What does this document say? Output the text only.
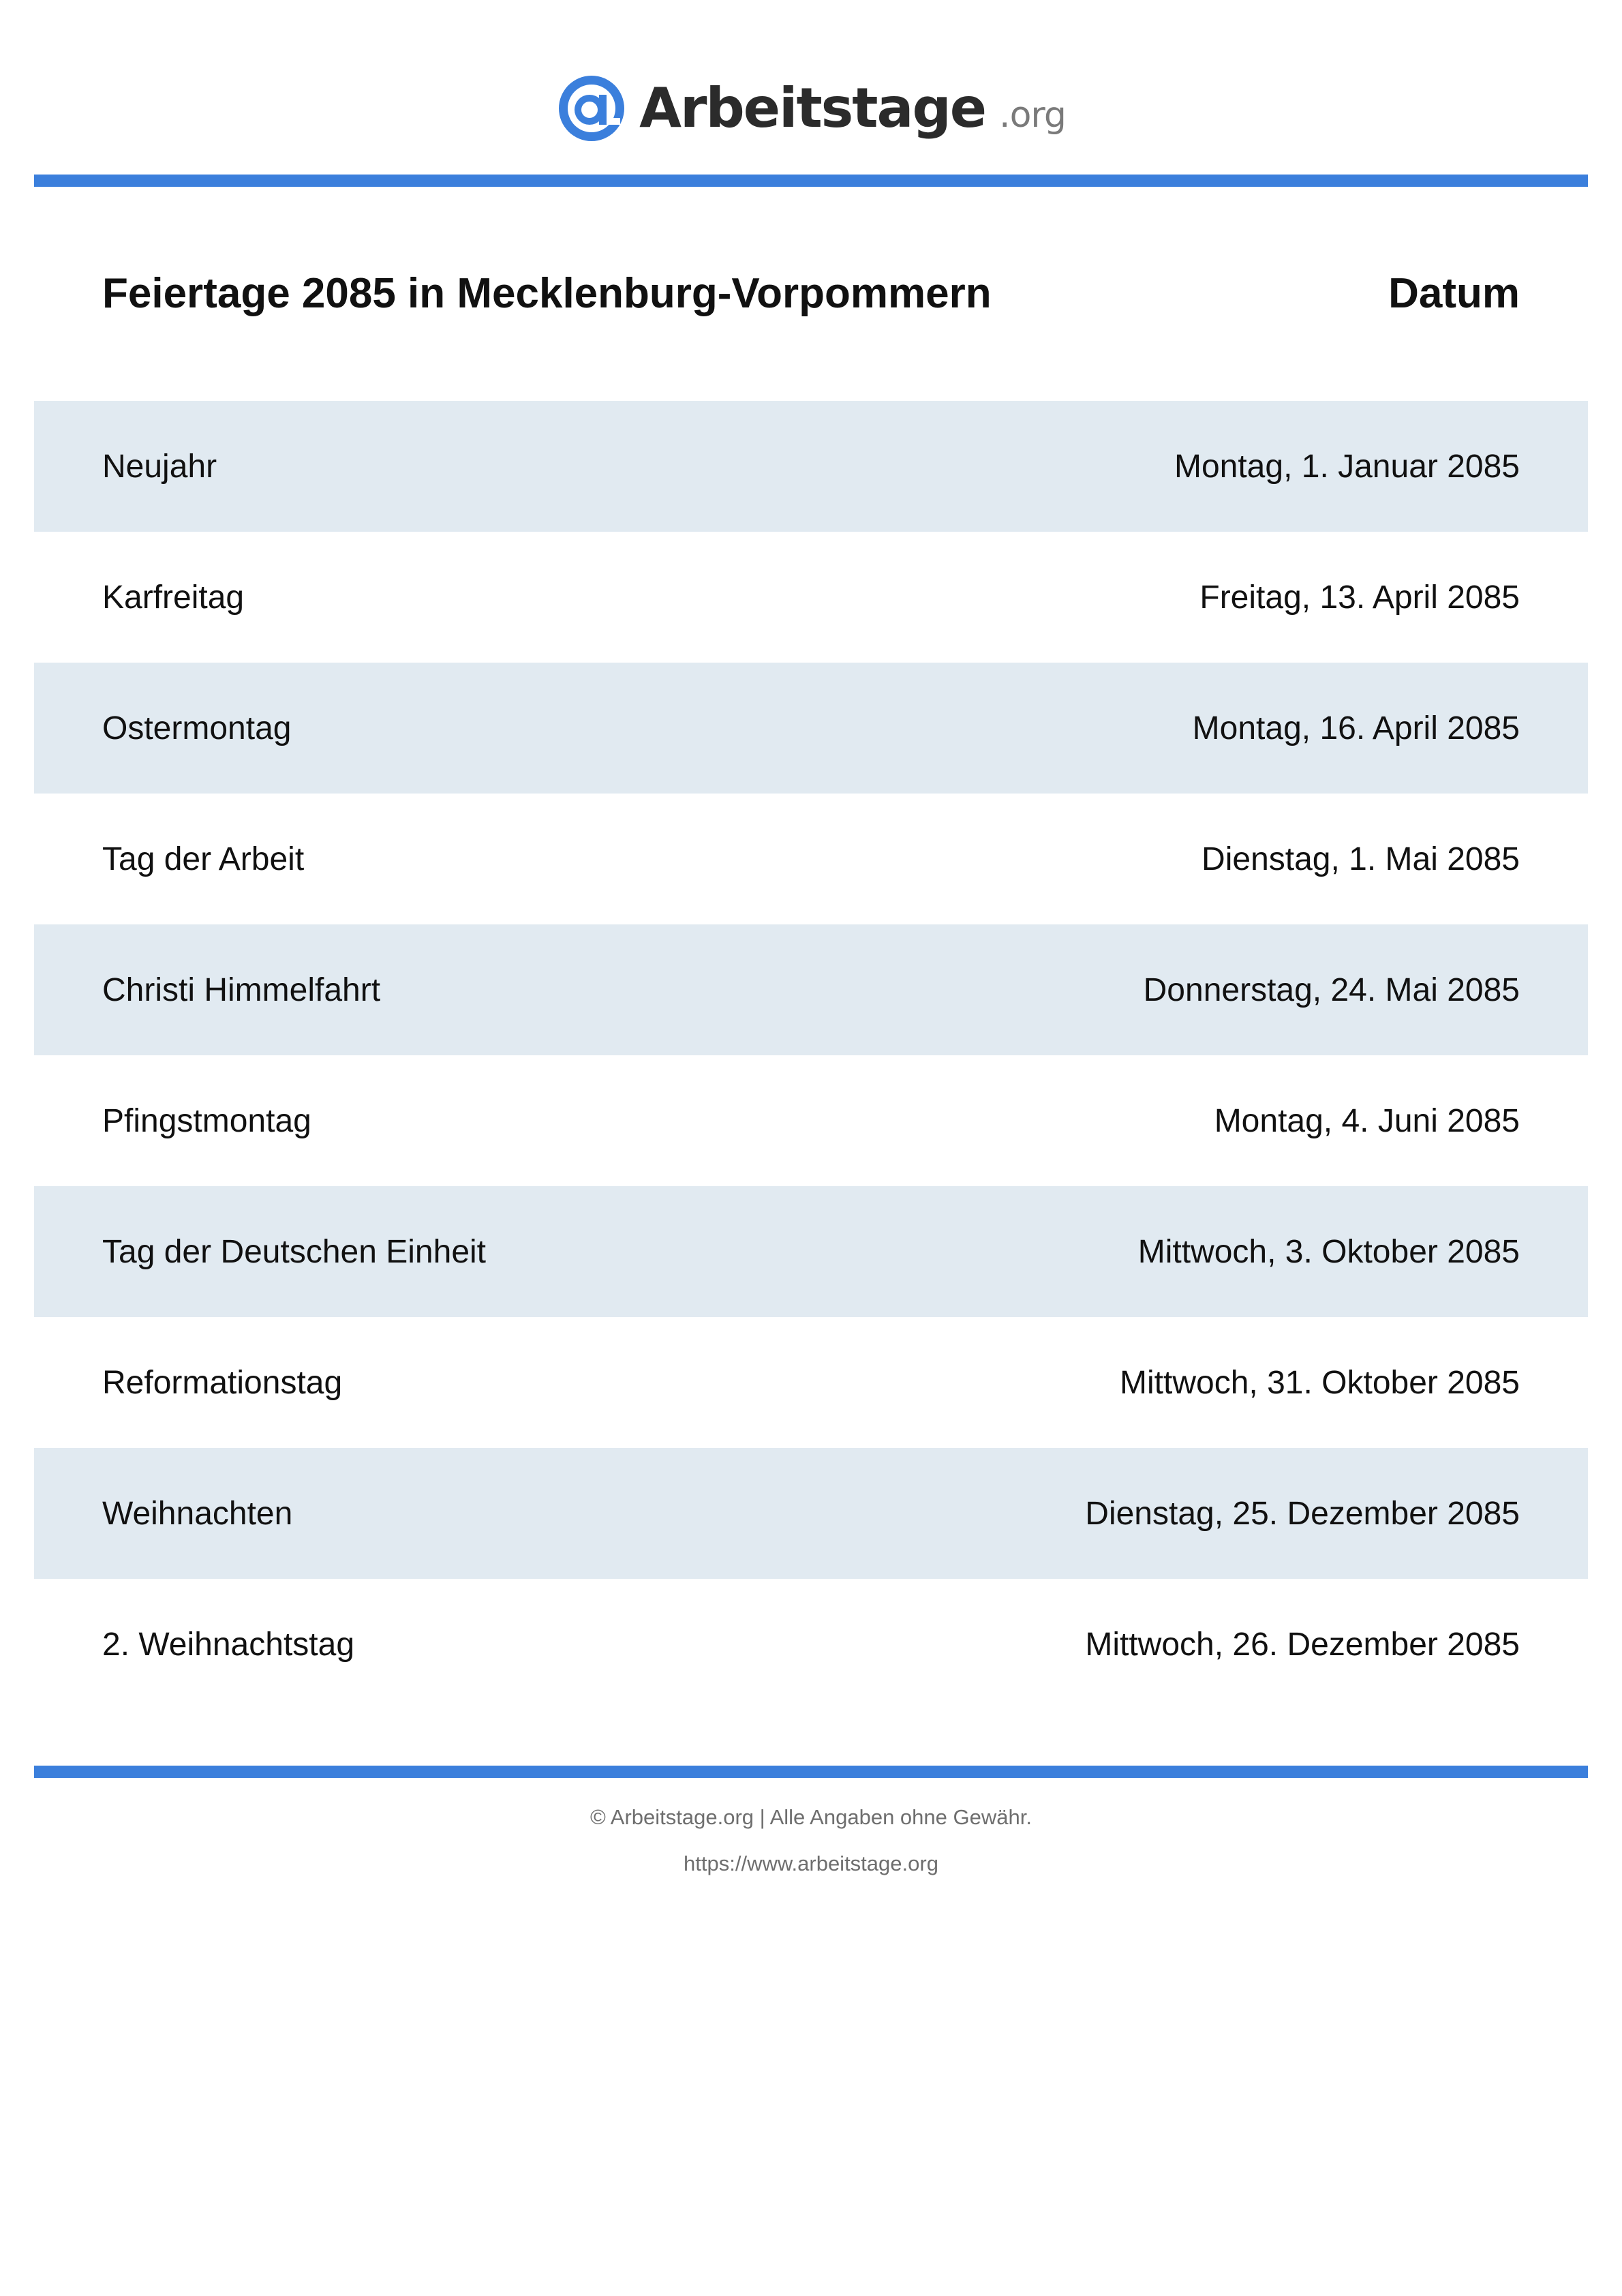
Arbeitstage .org
Feiertage 2085 in Mecklenburg-Vorpommern	Datum
Neujahr	Montag, 1. Januar 2085
Karfreitag	Freitag, 13. April 2085
Ostermontag	Montag, 16. April 2085
Tag der Arbeit	Dienstag, 1. Mai 2085
Christi Himmelfahrt	Donnerstag, 24. Mai 2085
Pfingstmontag	Montag, 4. Juni 2085
Tag der Deutschen Einheit	Mittwoch, 3. Oktober 2085
Reformationstag	Mittwoch, 31. Oktober 2085
Weihnachten	Dienstag, 25. Dezember 2085
2. Weihnachtstag	Mittwoch, 26. Dezember 2085
© Arbeitstage.org | Alle Angaben ohne Gewähr.
https://www.arbeitstage.org
